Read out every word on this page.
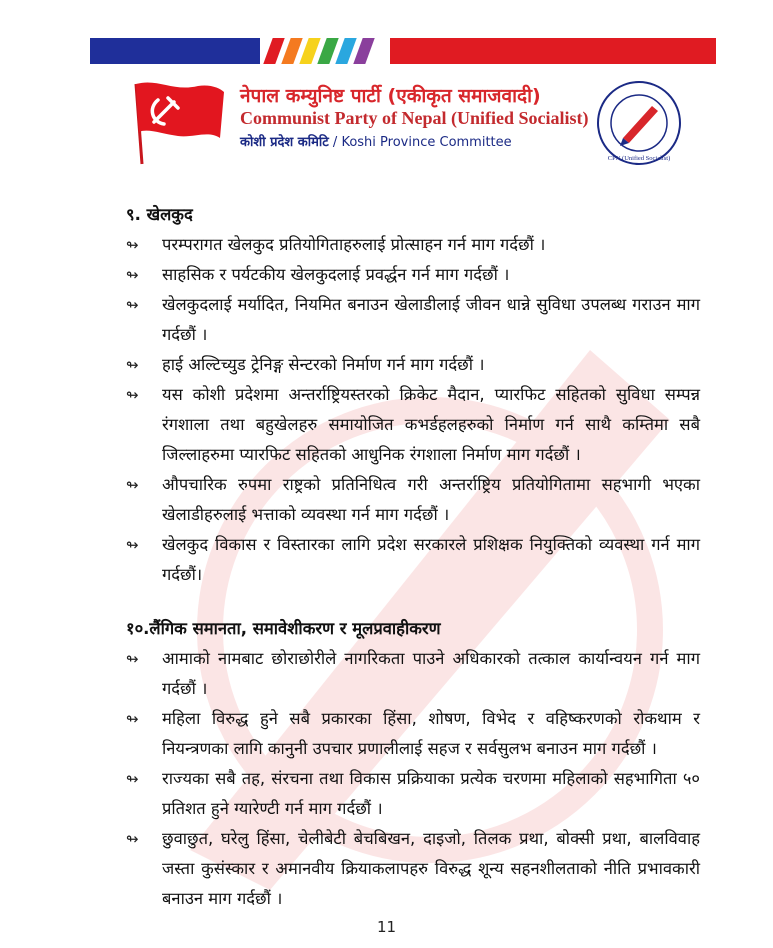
नेपाल कम्युनिष्ट पार्टी (एकीकृत समाजवादी)
Communist Party of Nepal (Unified Socialist)
कोशी प्रदेश कमिटि / Koshi Province Committee
CPN (Unified Socialist)

९. खेलकुद

↬	परम्परागत खेलकुद प्रतियोगिताहरुलाई प्रोत्साहन गर्न माग गर्दछौं ।
↬	साहसिक र पर्यटकीय खेलकुदलाई प्रवर्द्धन गर्न माग गर्दछौं ।
↬	खेलकुदलाई मर्यादित, नियमित बनाउन खेलाडीलाई जीवन धान्ने सुविधा उपलब्ध गराउन माग गर्दछौं ।
↬	हाई अल्टिच्युड ट्रेनिङ्ग सेन्टरको निर्माण गर्न माग गर्दछौं ।
↬	यस कोशी प्रदेशमा अन्तर्राष्ट्रियस्तरको क्रिकेट मैदान, प्यारफिट सहितको सुविधा सम्पन्न रंगशाला तथा बहुखेलहरु समायोजित कभर्डहलहरुको निर्माण गर्न साथै कम्तिमा सबै जिल्लाहरुमा प्यारफिट सहितको आधुनिक रंगशाला निर्माण माग गर्दछौं ।
↬	औपचारिक रुपमा राष्ट्रको प्रतिनिधित्व गरी अन्तर्राष्ट्रिय प्रतियोगितामा सहभागी भएका खेलाडीहरुलाई भत्ताको व्यवस्था गर्न माग गर्दछौं ।
↬	खेलकुद विकास र विस्तारका लागि प्रदेश सरकारले प्रशिक्षक नियुक्तिको व्यवस्था गर्न माग गर्दछौं।

१०.लैंगिक समानता, समावेशीकरण र मूलप्रवाहीकरण

↬	आमाको नामबाट छोराछोरीले नागरिकता पाउने अधिकारको तत्काल कार्यान्वयन गर्न माग गर्दछौं ।
↬	महिला विरुद्ध हुने सबै प्रकारका हिंसा, शोषण, विभेद र वहिष्करणको रोकथाम र नियन्त्रणका लागि कानुनी उपचार प्रणालीलाई सहज र सर्वसुलभ बनाउन माग गर्दछौं ।
↬	राज्यका सबै तह, संरचना तथा विकास प्रक्रियाका प्रत्येक चरणमा महिलाको सहभागिता ५० प्रतिशत हुने ग्यारेण्टी गर्न माग गर्दछौं ।
↬	छुवाछुत, घरेलु हिंसा, चेलीबेटी बेचबिखन, दाइजो, तिलक प्रथा, बोक्सी प्रथा, बालविवाह जस्ता कुसंस्कार र अमानवीय क्रियाकलापहरु विरुद्ध शून्य सहनशीलताको नीति प्रभावकारी बनाउन माग गर्दछौं ।
11
